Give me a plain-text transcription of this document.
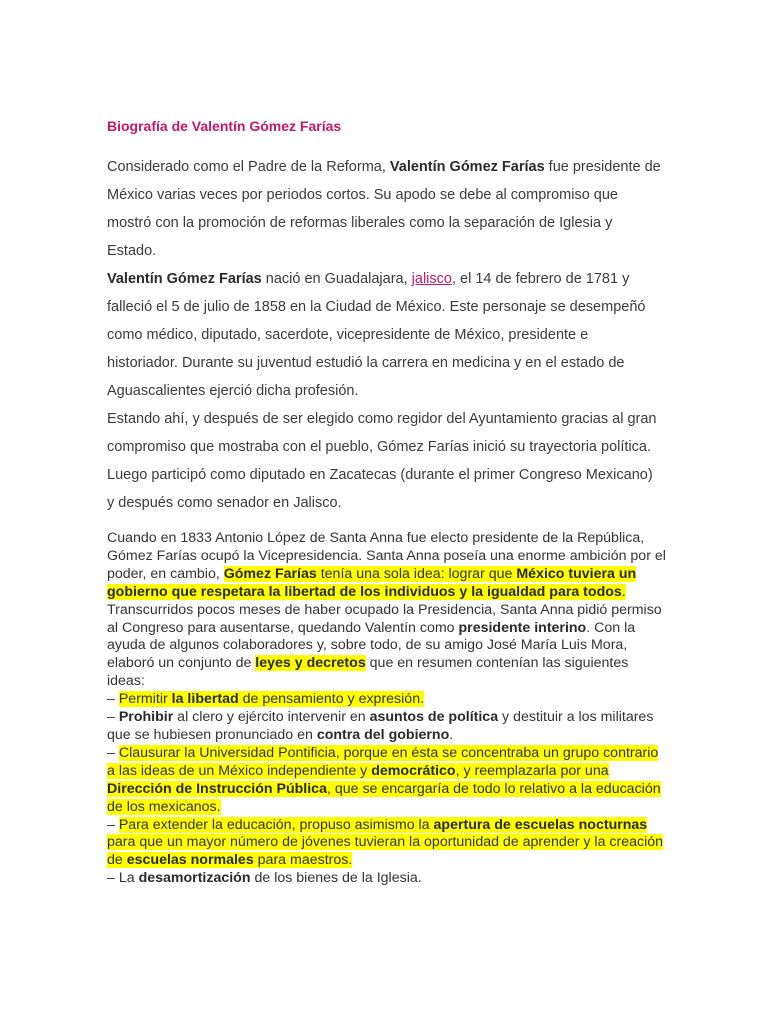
Biografía de Valentín Gómez Farías

Considerado como el Padre de la Reforma, Valentín Gómez Farías fue presidente de México varias veces por periodos cortos. Su apodo se debe al compromiso que mostró con la promoción de reformas liberales como la separación de Iglesia y Estado.

Valentín Gómez Farías nació en Guadalajara, jalisco, el 14 de febrero de 1781 y falleció el 5 de julio de 1858 en la Ciudad de México. Este personaje se desempeñó como médico, diputado, sacerdote, vicepresidente de México, presidente e historiador. Durante su juventud estudió la carrera en medicina y en el estado de Aguascalientes ejerció dicha profesión.

Estando ahí, y después de ser elegido como regidor del Ayuntamiento gracias al gran compromiso que mostraba con el pueblo, Gómez Farías inició su trayectoria política. Luego participó como diputado en Zacatecas (durante el primer Congreso Mexicano) y después como senador en Jalisco.

Cuando en 1833 Antonio López de Santa Anna fue electo presidente de la República, Gómez Farías ocupó la Vicepresidencia. Santa Anna poseía una enorme ambición por el poder, en cambio, Gómez Farías tenía una sola idea: lograr que México tuviera un gobierno que respetara la libertad de los individuos y la igualdad para todos. Transcurridos pocos meses de haber ocupado la Presidencia, Santa Anna pidió permiso al Congreso para ausentarse, quedando Valentín como presidente interino. Con la ayuda de algunos colaboradores y, sobre todo, de su amigo José María Luis Mora, elaboró un conjunto de leyes y decretos que en resumen contenían las siguientes ideas:

– Permitir la libertad de pensamiento y expresión.

– Prohibir al clero y ejército intervenir en asuntos de política y destituir a los militares que se hubiesen pronunciado en contra del gobierno.

– Clausurar la Universidad Pontificia, porque en ésta se concentraba un grupo contrario a las ideas de un México independiente y democrático, y reemplazarla por una Dirección de Instrucción Pública, que se encargaría de todo lo relativo a la educación de los mexicanos.

– Para extender la educación, propuso asimismo la apertura de escuelas nocturnas para que un mayor número de jóvenes tuvieran la oportunidad de aprender y la creación de escuelas normales para maestros.

– La desamortización de los bienes de la Iglesia.
